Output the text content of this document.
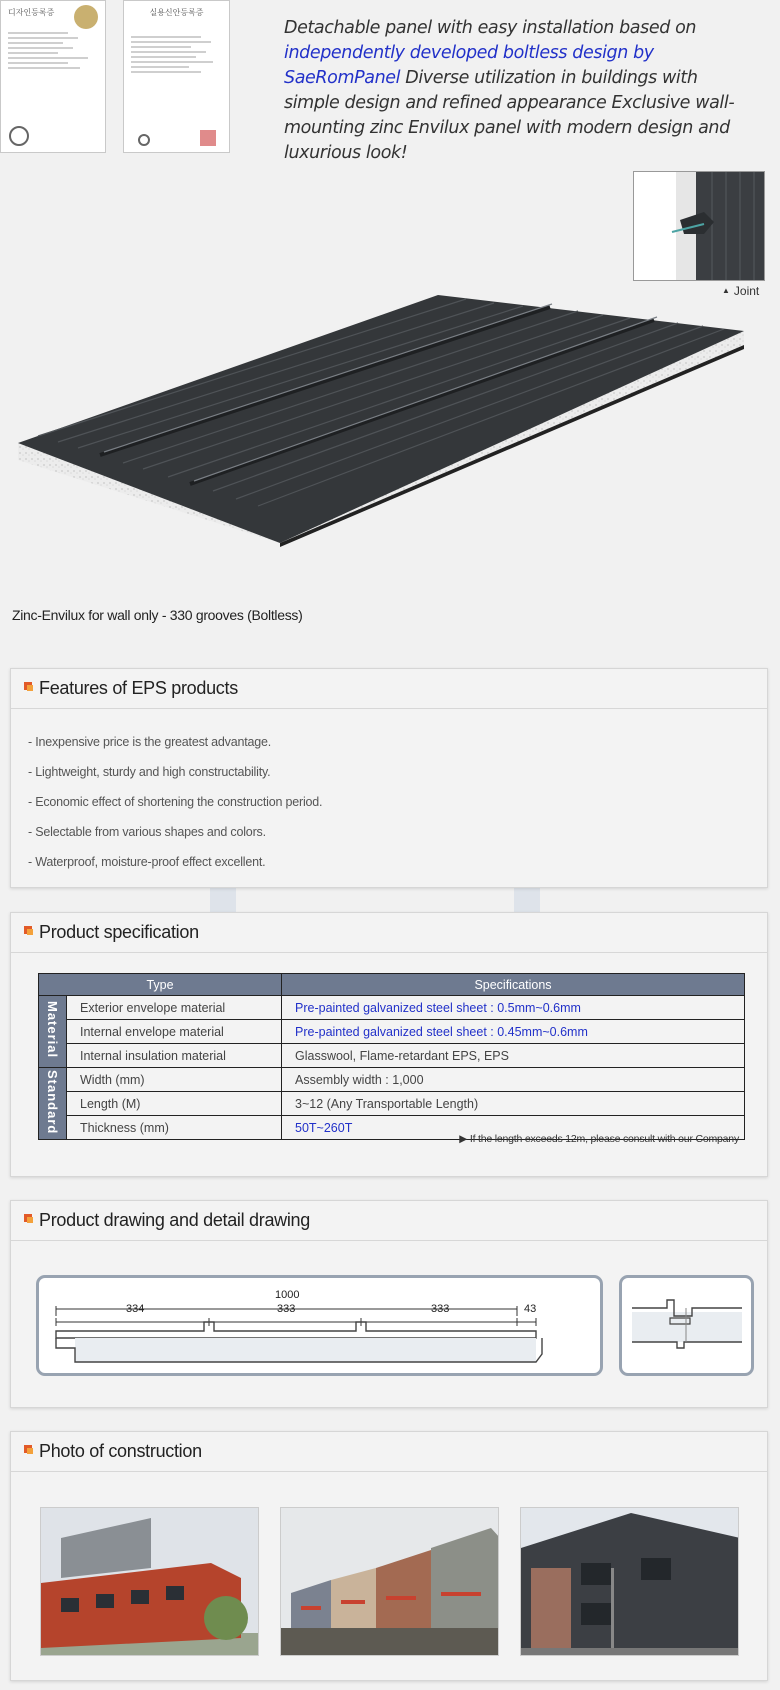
디자인등록증	실용신안등록증
Detachable panel with easy installation based on
independently developed boltless design by SaeRomPanel Diverse utilization in buildings with simple design and refined appearance Exclusive wall-mounting zinc Envilux panel with modern design and luxurious look!
▲ Joint
Zinc-Envilux for wall only - 330 grooves (Boltless)
Features of EPS products
- Inexpensive price is the greatest advantage.
- Lightweight, sturdy and high constructability.
- Economic effect of shortening the construction period.
- Selectable from various shapes and colors.
- Waterproof, moisture-proof effect excellent.
Product specification
Type		Specifications
Material	Exterior envelope material	Pre-painted galvanized steel sheet : 0.5mm~0.6mm
	Internal envelope material	Pre-painted galvanized steel sheet : 0.45mm~0.6mm
	Internal insulation material	Glasswool, Flame-retardant EPS, EPS
Standard	Width (mm)	Assembly width : 1,000
	Length (M)	3~12 (Any Transportable Length)
	Thickness (mm)	50T~260T
▶ If the length exceeds 12m, please consult with our Company
Product drawing and detail drawing
1000
334	333	333	43
Photo of construction
